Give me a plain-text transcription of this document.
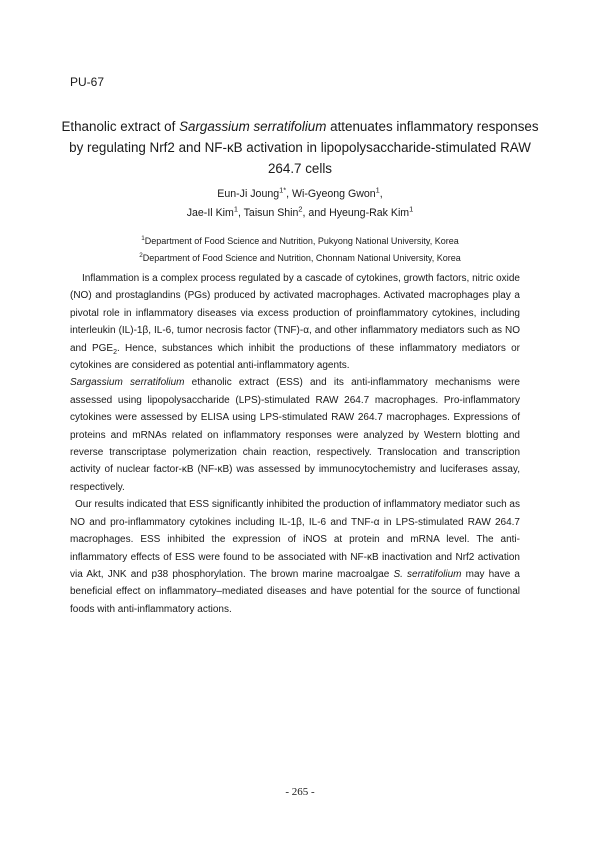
PU-67
Ethanolic extract of Sargassium serratifolium attenuates inflammatory responses by regulating Nrf2 and NF-κB activation in lipopolysaccharide-stimulated RAW 264.7 cells
Eun-Ji Joung$^{1*}$, Wi-Gyeong Gwon$^1$,
Jae-Il Kim$^1$, Taisun Shin$^2$, and Hyeung-Rak Kim$^1$
$^1$Department of Food Science and Nutrition, Pukyong National University, Korea
$^2$Department of Food Science and Nutrition, Chonnam National University, Korea

Inflammation is a complex process regulated by a cascade of cytokines, growth factors, nitric oxide (NO) and prostaglandins (PGs) produced by activated macrophages. Activated macrophages play a pivotal role in inflammatory diseases via excess production of proinflammatory cytokines, including interleukin (IL)-1β, IL-6, tumor necrosis factor (TNF)-α, and other inflammatory mediators such as NO and $PGE_2$. Hence, substances which inhibit the productions of these inflammatory mediators or cytokines are considered as potential anti-inflammatory agents.

Sargassium serratifolium ethanolic extract (ESS) and its anti-inflammatory mechanisms were assessed using lipopolysaccharide (LPS)-stimulated RAW 264.7 macrophages. Pro-inflammatory cytokines were assessed by ELISA using LPS-stimulated RAW 264.7 macrophages. Expressions of proteins and mRNAs related on inflammatory responses were analyzed by Western blotting and reverse transcriptase polymerization chain reaction, respectively. Translocation and transcription activity of nuclear factor-κB (NF-κB) was assessed by immunocytochemistry and luciferases assay, respectively.

Our results indicated that ESS significantly inhibited the production of inflammatory mediator such as NO and pro-inflammatory cytokines including IL-1β, IL-6 and TNF-α in LPS-stimulated RAW 264.7 macrophages. ESS inhibited the expression of iNOS at protein and mRNA level. The anti-inflammatory effects of ESS were found to be associated with NF-κB inactivation and Nrf2 activation via Akt, JNK and p38 phosphorylation. The brown marine macroalgae S. serratifolium may have a beneficial effect on inflammatory–mediated diseases and have potential for the source of functional foods with anti-inflammatory actions.

- 265 -
